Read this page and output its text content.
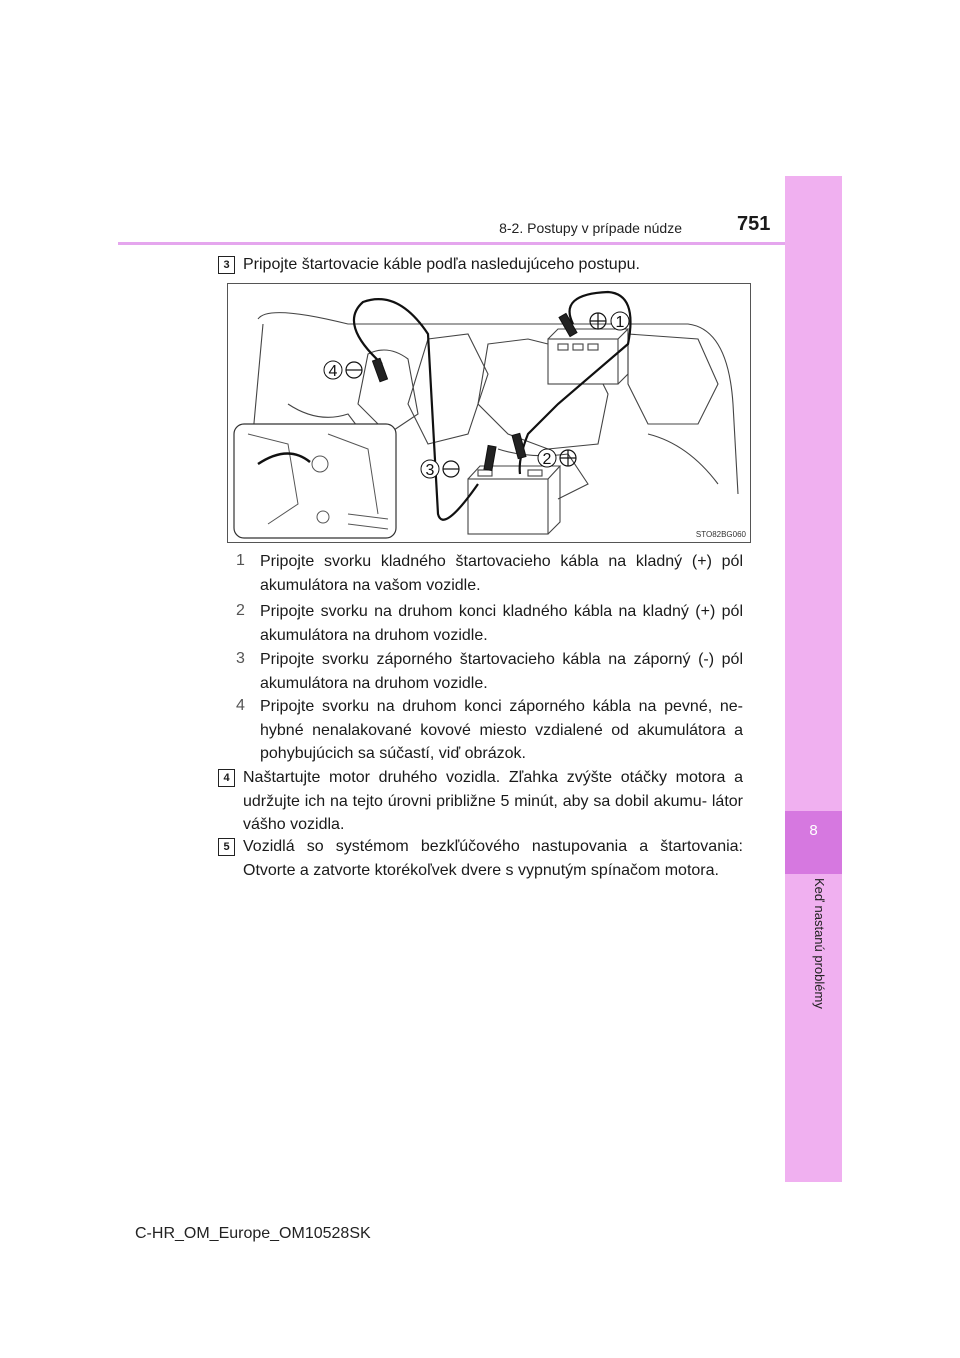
8
Keď nastanú problémy
8-2. Postupy v prípade núdze	751
3 Pripojte štartovacie káble podľa nasledujúceho postupu.
1
2
3
4
STO82BG060
1 Pripojte svorku kladného štartovacieho kábla na kladný (+) pól akumulátora na vašom vozidle.
2 Pripojte svorku na druhom konci kladného kábla na kladný (+) pól akumulátora na druhom vozidle.
3 Pripojte svorku záporného štartovacieho kábla na záporný (-) pól akumulátora na druhom vozidle.
4 Pripojte svorku na druhom konci záporného kábla na pevné, ne- hybné nenalakované kovové miesto vzdialené od akumulátora a pohybujúcich sa súčastí, viď obrázok.
4 Naštartujte motor druhého vozidla. Zľahka zvýšte otáčky motora a udržujte ich na tejto úrovni približne 5 minút, aby sa dobil akumu- látor vášho vozidla.
5 Vozidlá so systémom bezkľúčového nastupovania a štartovania: Otvorte a zatvorte ktorékoľvek dvere s vypnutým spínačom motora.
C-HR_OM_Europe_OM10528SK
